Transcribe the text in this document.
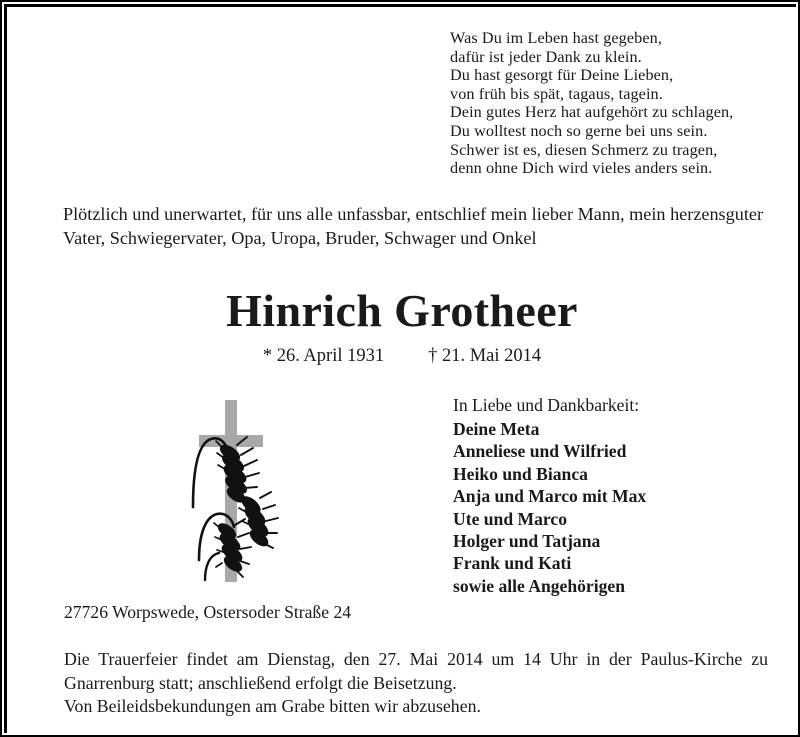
Was Du im Leben hast gegeben,
dafür ist jeder Dank zu klein.
Du hast gesorgt für Deine Lieben,
von früh bis spät, tagaus, tagein.
Dein gutes Herz hat aufgehört zu schlagen,
Du wolltest noch so gerne bei uns sein.
Schwer ist es, diesen Schmerz zu tragen,
denn ohne Dich wird vieles anders sein.
Plötzlich und unerwartet, für uns alle unfassbar, entschlief mein lieber Mann, mein herzensguter Vater, Schwiegervater, Opa, Uropa, Bruder, Schwager und Onkel
Hinrich Grotheer
* 26. April 1931 † 21. Mai 2014
In Liebe und Dankbarkeit:
Deine Meta
Anneliese und Wilfried
Heiko und Bianca
Anja und Marco mit Max
Ute und Marco
Holger und Tatjana
Frank und Kati
sowie alle Angehörigen
27726 Worpswede, Ostersoder Straße 24

Die Trauerfeier findet am Dienstag, den 27. Mai 2014 um 14 Uhr in der Paulus-Kirche zu Gnarrenburg statt; anschließend erfolgt die Beisetzung.

Von Beileidsbekundungen am Grabe bitten wir abzusehen.
